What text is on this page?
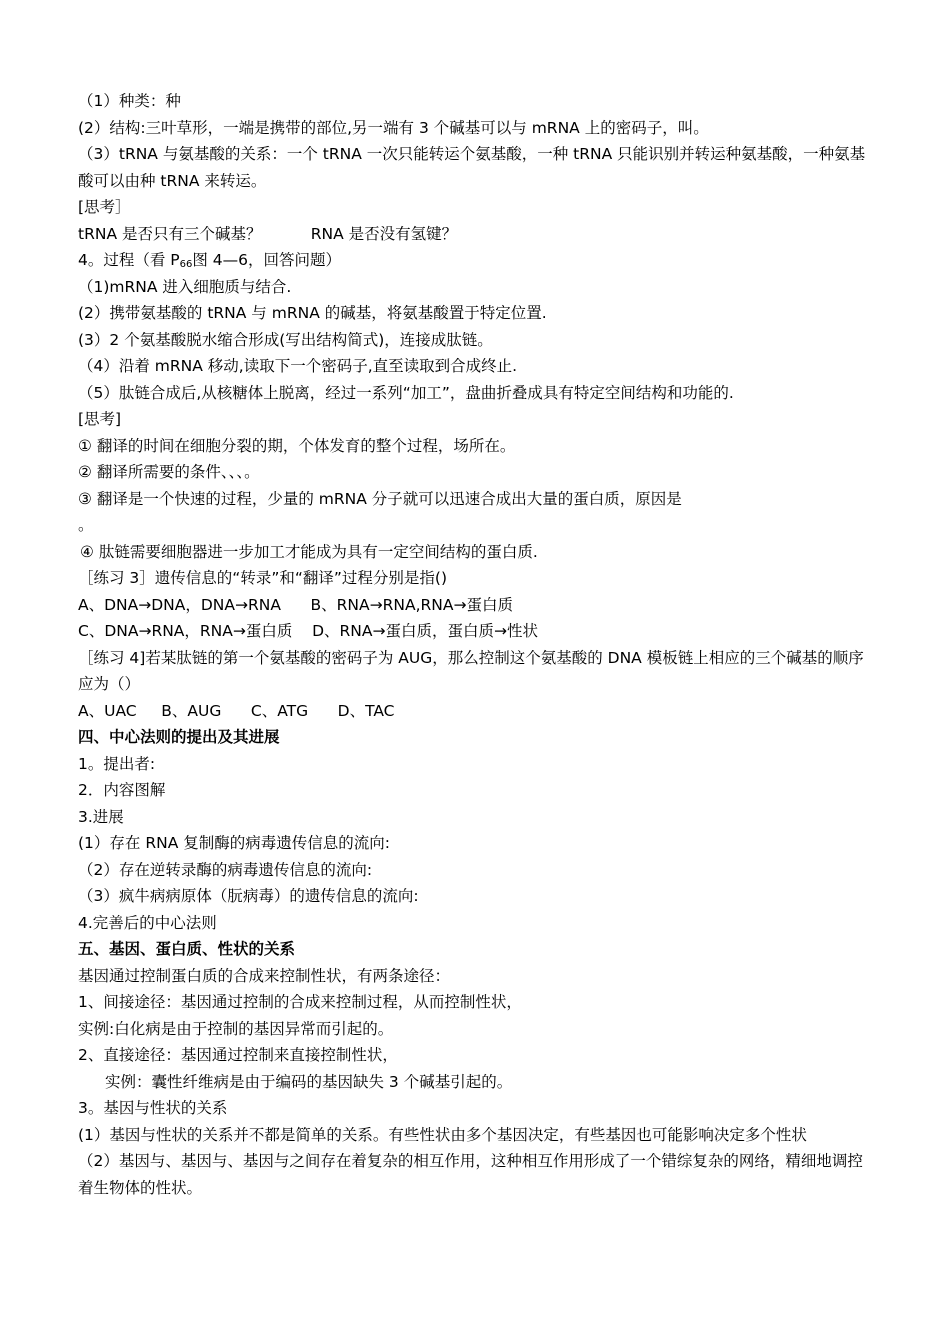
（1）种类：种
(2）结构:三叶草形，一端是携带的部位,另一端有 3 个碱基可以与 mRNA 上的密码子，叫。
（3）tRNA 与氨基酸的关系：一个 tRNA 一次只能转运个氨基酸，一种 tRNA 只能识别并转运种氨基酸，一种氨基酸可以由种 tRNA 来转运。
[思考］
tRNA 是否只有三个碱基？          RNA 是否没有氢键？
4。过程（看 $P_{66}$图 4—6，回答问题）
（1)mRNA 进入细胞质与结合.
(2）携带氨基酸的 tRNA 与 mRNA 的碱基，将氨基酸置于特定位置.
(3）2 个氨基酸脱水缩合形成(写出结构简式)，连接成肽链。
（4）沿着 mRNA 移动,读取下一个密码子,直至读取到合成终止.
（5）肽链合成后,从核糖体上脱离，经过一系列“加工”，盘曲折叠成具有特定空间结构和功能的.
[思考]
① 翻译的时间在细胞分裂的期，个体发育的整个过程，场所在。
② 翻译所需要的条件、、、。
③ 翻译是一个快速的过程，少量的 mRNA 分子就可以迅速合成出大量的蛋白质，原因是
。
④ 肽链需要细胞器进一步加工才能成为具有一定空间结构的蛋白质.
［练习 3］遗传信息的“转录”和“翻译”过程分别是指()
A、DNA→DNA，DNA→RNA      B、RNA→RNA,RNA→蛋白质
C、DNA→RNA，RNA→蛋白质    D、RNA→蛋白质，蛋白质→性状
［练习 4]若某肽链的第一个氨基酸的密码子为 AUG，那么控制这个氨基酸的 DNA 模板链上相应的三个碱基的顺序应为（）
A、UAC     B、AUG      C、ATG      D、TAC
四、中心法则的提出及其进展
1。提出者:
2．内容图解
3.进展
(1）存在 RNA 复制酶的病毒遗传信息的流向:
（2）存在逆转录酶的病毒遗传信息的流向:
（3）疯牛病病原体（朊病毒）的遗传信息的流向:
4.完善后的中心法则
五、基因、蛋白质、性状的关系
基因通过控制蛋白质的合成来控制性状，有两条途径：
1、间接途径：基因通过控制的合成来控制过程，从而控制性状，
实例:白化病是由于控制的基因异常而引起的。
2、直接途径：基因通过控制来直接控制性状，
实例：囊性纤维病是由于编码的基因缺失 3 个碱基引起的。
3。基因与性状的关系
(1）基因与性状的关系并不都是简单的关系。有些性状由多个基因决定，有些基因也可能影响决定多个性状
（2）基因与、基因与、基因与之间存在着复杂的相互作用，这种相互作用形成了一个错综复杂的网络，精细地调控着生物体的性状。
